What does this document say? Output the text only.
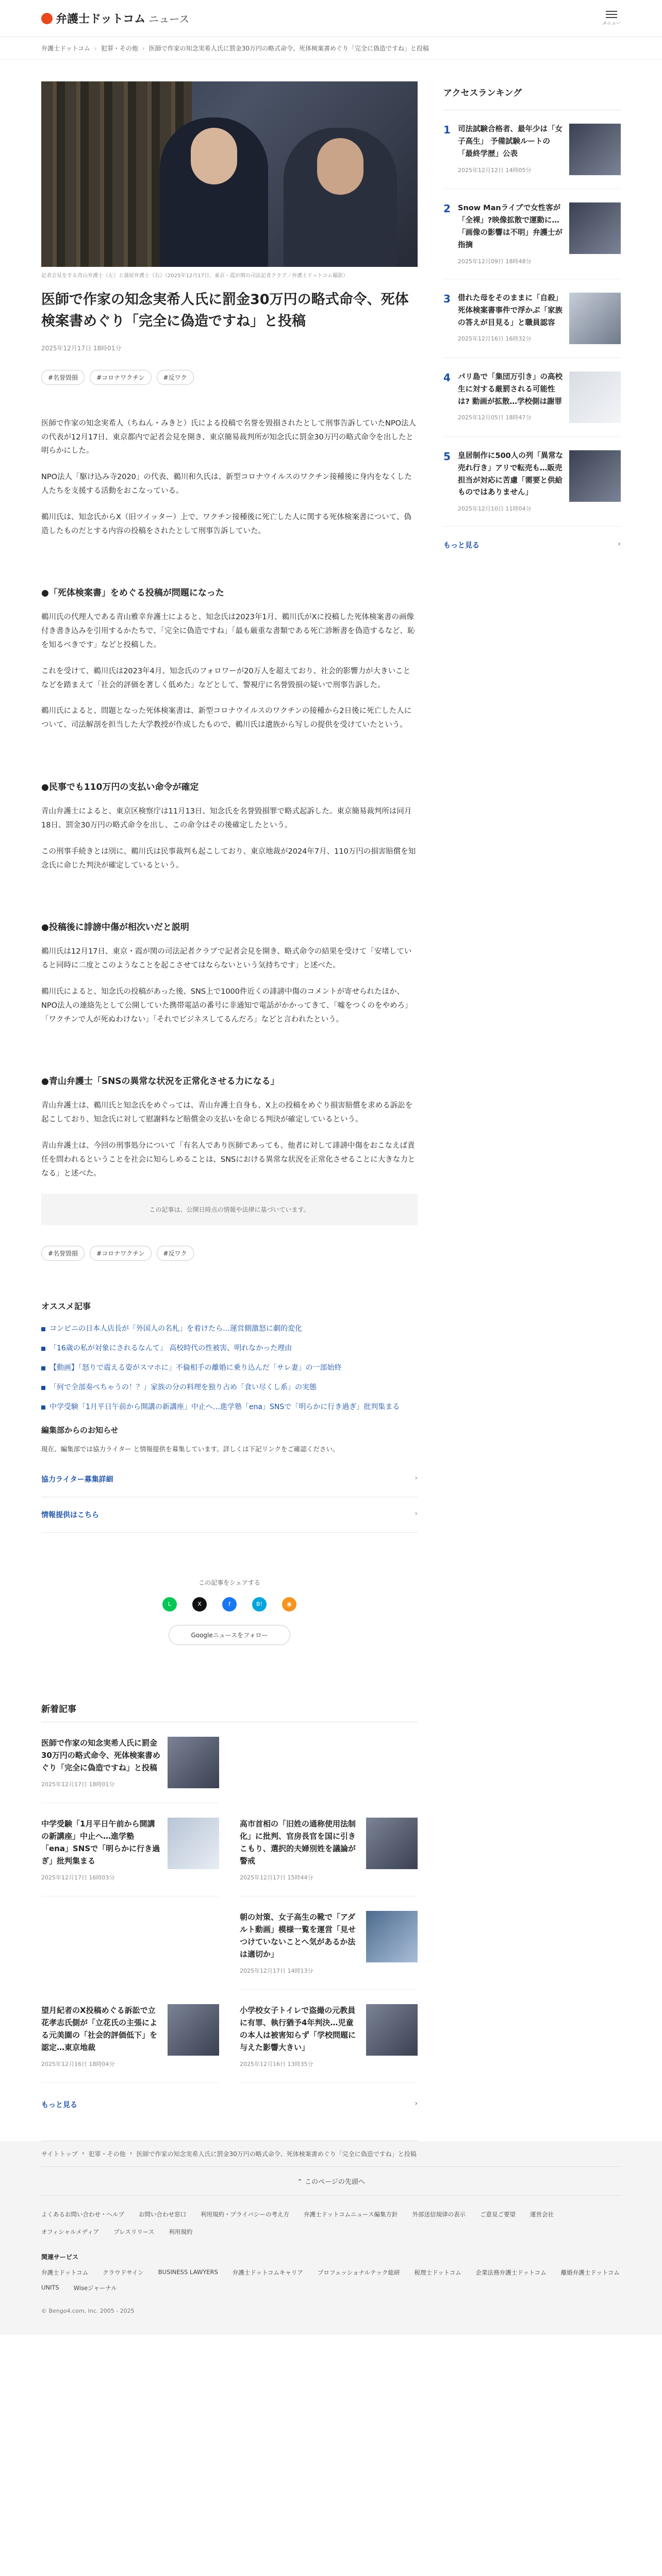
弁護士ドットコム ニュース	メニュー
弁護士ドットコム › 犯罪・その他 › 医師で作家の知念実希人氏に罰金30万円の略式命令、死体検案書めぐり「完全に偽造ですね」と投稿
記者会見をする青山弁護士（左）と蒲原弁護士（右）（2025年12月17日、東京・霞が関の司法記者クラブ／弁護士ドットコム撮影）
医師で作家の知念実希人氏に罰金30万円の略式命令、死体検案書めぐり「完全に偽造ですね」と投稿
2025年12月17日 18時01分
#名誉毀損	#コロナワクチン	#反ワク

医師で作家の知念実希人（ちねん・みきと）氏による投稿で名誉を毀損されたとして刑事告訴していたNPO法人の代表が12月17日、東京都内で記者会見を開き、東京簡易裁判所が知念氏に罰金30万円の略式命令を出したと明らかにした。

NPO法人「駆け込み寺2020」の代表、鵜川和久氏は、新型コロナウイルスのワクチン接種後に身内をなくした人たちを支援する活動をおこなっている。

鵜川氏は、知念氏からX（旧ツイッター）上で、ワクチン接種後に死亡した人に関する死体検案書について、偽造したものだとする内容の投稿をされたとして刑事告訴していた。

●「死体検案書」をめぐる投稿が問題になった

鵜川氏の代理人である青山雅幸弁護士によると、知念氏は2023年1月、鵜川氏がXに投稿した死体検案書の画像付き書き込みを引用するかたちで、「完全に偽造ですね」「最も厳重な書類である死亡診断書を偽造するなど、恥を知るべきです」などと投稿した。

これを受けて、鵜川氏は2023年4月、知念氏のフォロワーが20万人を超えており、社会的影響力が大きいことなどを踏まえて「社会的評価を著しく低めた」などとして、警視庁に名誉毀損の疑いで刑事告訴した。

鵜川氏によると、問題となった死体検案書は、新型コロナウイルスのワクチンの接種から2日後に死亡した人について、司法解剖を担当した大学教授が作成したもので、鵜川氏は遺族から写しの提供を受けていたという。

●民事でも110万円の支払い命令が確定

青山弁護士によると、東京区検察庁は11月13日、知念氏を名誉毀損罪で略式起訴した。東京簡易裁判所は同月18日、罰金30万円の略式命令を出し、この命令はその後確定したという。

この刑事手続きとは別に、鵜川氏は民事裁判も起こしており、東京地裁が2024年7月、110万円の損害賠償を知念氏に命じた判決が確定しているという。

●投稿後に誹謗中傷が相次いだと説明

鵜川氏は12月17日、東京・霞が関の司法記者クラブで記者会見を開き、略式命令の結果を受けて「安堵していると同時に二度とこのようなことを起こさせてはならないという気持ちです」と述べた。

鵜川氏によると、知念氏の投稿があった後、SNS上で1000件近くの誹謗中傷のコメントが寄せられたほか、NPO法人の連絡先として公開していた携帯電話の番号に非通知で電話がかかってきて、「嘘をつくのをやめろ」「ワクチンで人が死ぬわけない」「それでビジネスしてるんだろ」などと言われたという。

●青山弁護士「SNSの異常な状況を正常化させる力になる」

青山弁護士は、鵜川氏と知念氏をめぐっては、青山弁護士自身も、X上の投稿をめぐり損害賠償を求める訴訟を起こしており、知念氏に対して慰謝料など賠償金の支払いを命じる判決が確定しているという。

青山弁護士は、今回の刑事処分について「有名人であり医師であっても、他者に対して誹謗中傷をおこなえば責任を問われるということを社会に知らしめることは、SNSにおける異常な状況を正常化させることに大きな力となる」と述べた。

この記事は、公開日時点の情報や法律に基づいています。
#名誉毀損	#コロナワクチン	#反ワク
オススメ記事
コンビニの日本人店長が「外国人の名札」を着けたら…運営側激怒に劇的変化
「16歳の私が対象にされるなんて」 高校時代の性被害、明れなかった理由
【動画】「怒りで震える姿がスマホに」不倫相手の離婚に乗り込んだ「サレ妻」の一部始終
「何で全部奏ぺちゃうの！？」家族の分の料理を独り占め「食い尽くし系」の実態
中学受験「1月平日午前から開講の新講座」中止へ…進学塾「ena」SNSで「明らかに行き過ぎ」批判集まる
編集部からのお知らせ
現在、編集部では協力ライター と情報提供を募集しています。詳しくは下記リンクをご確認ください。
協力ライター募集詳細	›
情報提供はこちら	›
この記事をシェアする
L	X	f	B!	◉
Googleニュースをフォロー
新着記事
医師で作家の知念実希人氏に罰金30万円の略式命令、死体検案書めぐり「完全に偽造ですね」と投稿
2025年12月17日 18時01分
中学受験「1月平日午前から開講の新講座」中止へ…進学塾「ena」SNSで「明らかに行き過ぎ」批判集まる
2025年12月17日 16時03分
高市首相の「旧姓の通称使用法制化」に批判、官房長官を国に引きこもり、選択的夫婦別姓を議論が警戒
2025年12月17日 15時44分
朝の対策、女子高生の靴で「アダルト動画」模様一覧を運営「見せつけていないことへ気があるか法は適切か」
2025年12月17日 14時13分
望月紀者のX投稿めぐる訴訟で立花孝志氏側が「立花氏の主張による元美園の「社会的評価低下」を認定…東京地裁
2025年12月16日 18時04分
小学校女子トイレで盗撮の元教員に有罪、執行猶予4年判決…児童の本人は被害知らず「学校問題に与えた影響大きい」
2025年12月16日 13時35分
もっと見る	›
アクセスランキング
1 司法試験合格者、最年少は「女子高生」 予備試験ルートの「最終学歴」公表
2025年12月12日 14時05分
2 Snow Manライブで女性客が「全裸」?映像拡散で運動に…「画像の影響は不明」弁護士が指摘
2025年12月09日 18時48分
3 借れた母をそのままに「自殺」死体検案書事件で浮かぶ「家族の答えが目見る」と職員認容
2025年12月16日 16時32分
4 パリ島で「集団万引き」の高校生に対する厳罰される可能性は? 動画が拡散…学校側は謝罪
2025年12月05日 18時47分
5 皇居制作に500人の列「異常な売れ行き」アリで転売も…販売担当が対応に苦慮「需要と供給ものではありません」
2025年12月10日 11時04分
もっと見る	›
サイトトップ › 犯罪・その他 › 医師で作家の知念実希人氏に罰金30万円の略式命令、死体検案書めぐり「完全に偽造ですね」と投稿
⌃ このページの先頭へ
よくあるお問い合わせ・ヘルプ お問い合わせ窓口 利用規約・プライバシーの考え方 弁護士ドットコムニュース編集方針 外部送信規律の表示 ご意見ご要望 運営会社
オフィシャルメディア プレスリリース 利用規約
関連サービス
弁護士ドットコム クラウドサイン BUSINESS LAWYERS 弁護士ドットコムキャリア プロフェッショナルテック総研 税理士ドットコム 企業法務弁護士ドットコム 離婚弁護士ドットコム
UNITS Wiseジャーナル
© Bengo4.com, Inc. 2005 - 2025
